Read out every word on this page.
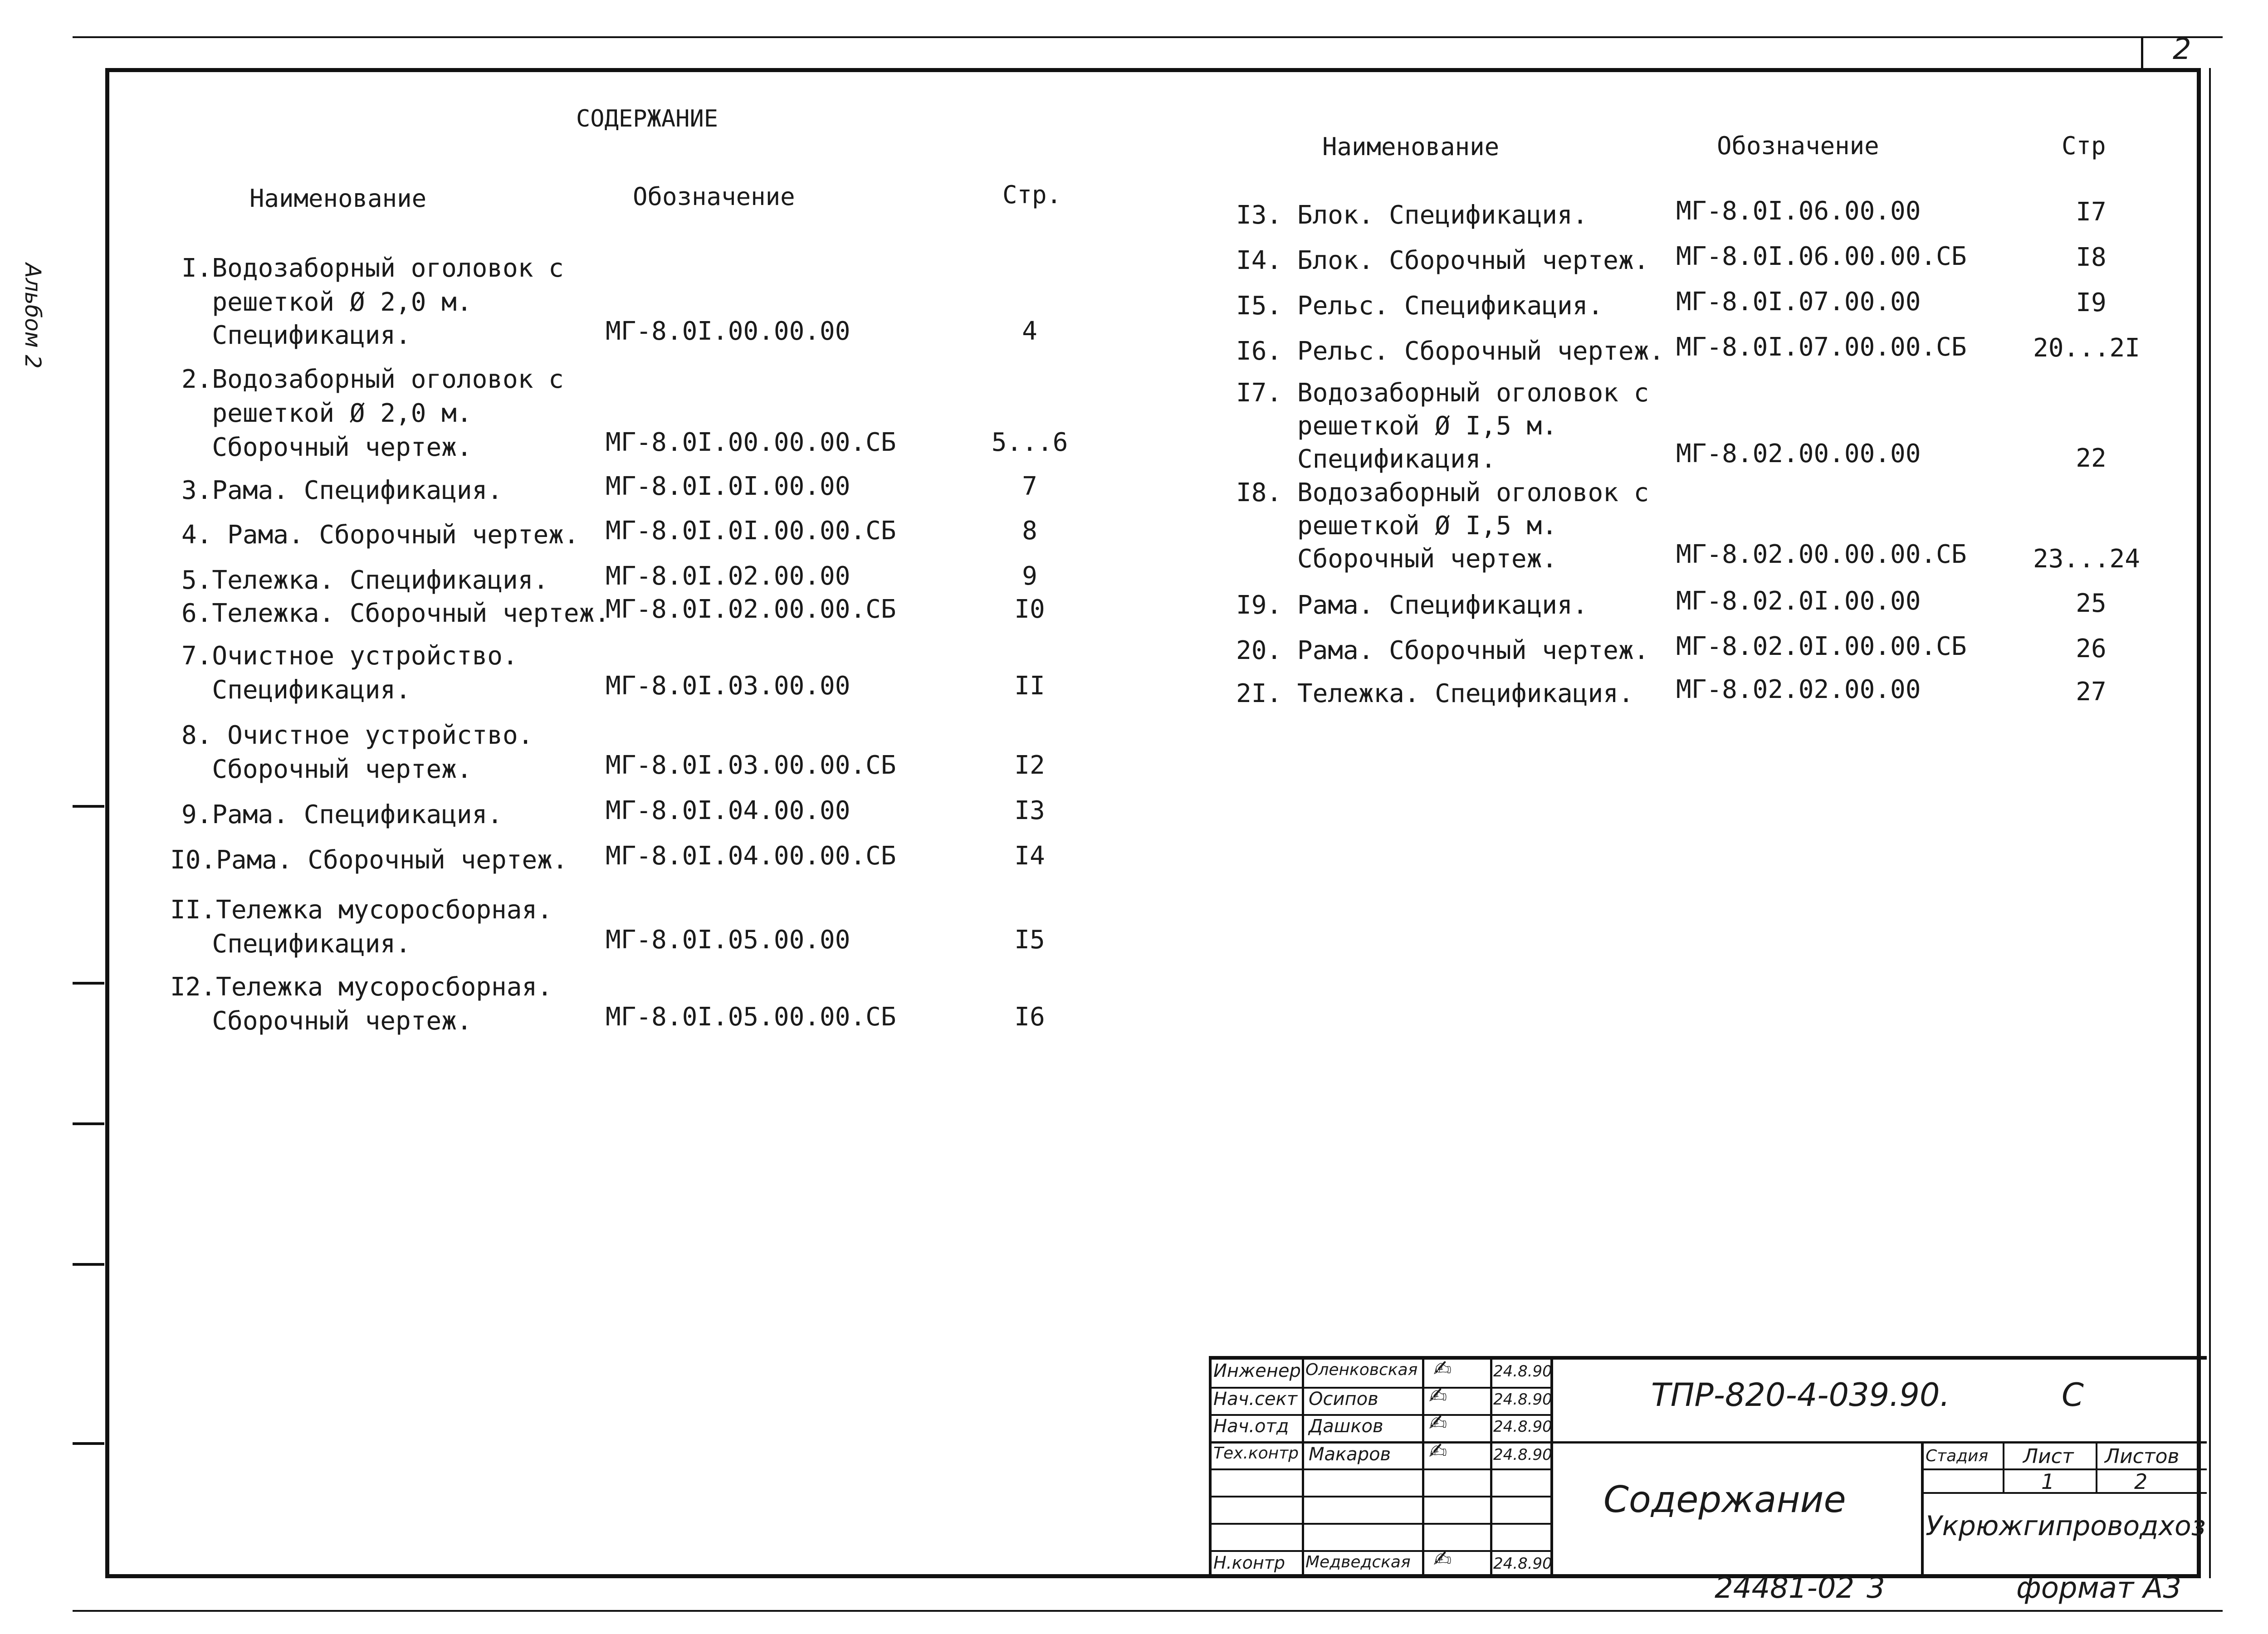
2
Альбом 2
СОДЕРЖАНИЕ
Наименование	Обозначение	Стр.
Наименование	Обозначение	Стр
I.Водозаборный оголовок с
решеткой Ø 2,0 м.
Спецификация.	МГ-8.0I.00.00.00	4
2.Водозаборный оголовок с
решеткой Ø 2,0 м.
Сборочный чертеж.	МГ-8.0I.00.00.00.СБ	5...6
3.Рама. Спецификация.	МГ-8.0I.0I.00.00	7
4. Рама. Сборочный чертеж. МГ-8.0I.0I.00.00.СБ	8
5.Тележка. Спецификация. МГ-8.0I.02.00.00	9
6.Тележка. Сборочный чертеж.
МГ-8.0I.02.00.00.СБ	I0
7.Очистное устройство.
Спецификация.	МГ-8.0I.03.00.00	II
8. Очистное устройство.
Сборочный чертеж.	МГ-8.0I.03.00.00.СБ	I2
9.Рама. Спецификация.	МГ-8.0I.04.00.00	I3
I0.Рама. Сборочный чертеж. МГ-8.0I.04.00.00.СБ	I4
II.Тележка мусоросборная.
Спецификация.	МГ-8.0I.05.00.00	I5
I2.Тележка мусоросборная.
Сборочный чертеж.	МГ-8.0I.05.00.00.СБ	I6
I3. Блок. Спецификация.	МГ-8.0I.06.00.00	I7
I4. Блок. Сборочный чертеж. МГ-8.0I.06.00.00.СБ	I8
I5. Рельс. Спецификация.	МГ-8.0I.07.00.00	I9
I6. Рельс. Сборочный чертеж. МГ-8.0I.07.00.00.СБ	20...2I
I7. Водозаборный оголовок с
решеткой Ø I,5 м.
Спецификация.	МГ-8.02.00.00.00	22
I8. Водозаборный оголовок с
решеткой Ø I,5 м.
Сборочный чертеж.	МГ-8.02.00.00.00.СБ	23...24
I9. Рама. Спецификация.	МГ-8.02.0I.00.00	25
20. Рама. Сборочный чертеж. МГ-8.02.0I.00.00.СБ	26
2I. Тележка. Спецификация. МГ-8.02.02.00.00	27
Инженер Оленковская ✍	24.8.90
Нач.сект Осипов ✍	24.8.90
Нач.отд Дашков ✍	24.8.90
Тех.контр Макаров ✍	24.8.90
Н.контр Медведская ✍	24.8.90
ТПР-820-4-039.90.	С
Содержание
Стадия Лист Листов
1	2
Укрюжгипроводхоз
24481-02 3	формат А3
